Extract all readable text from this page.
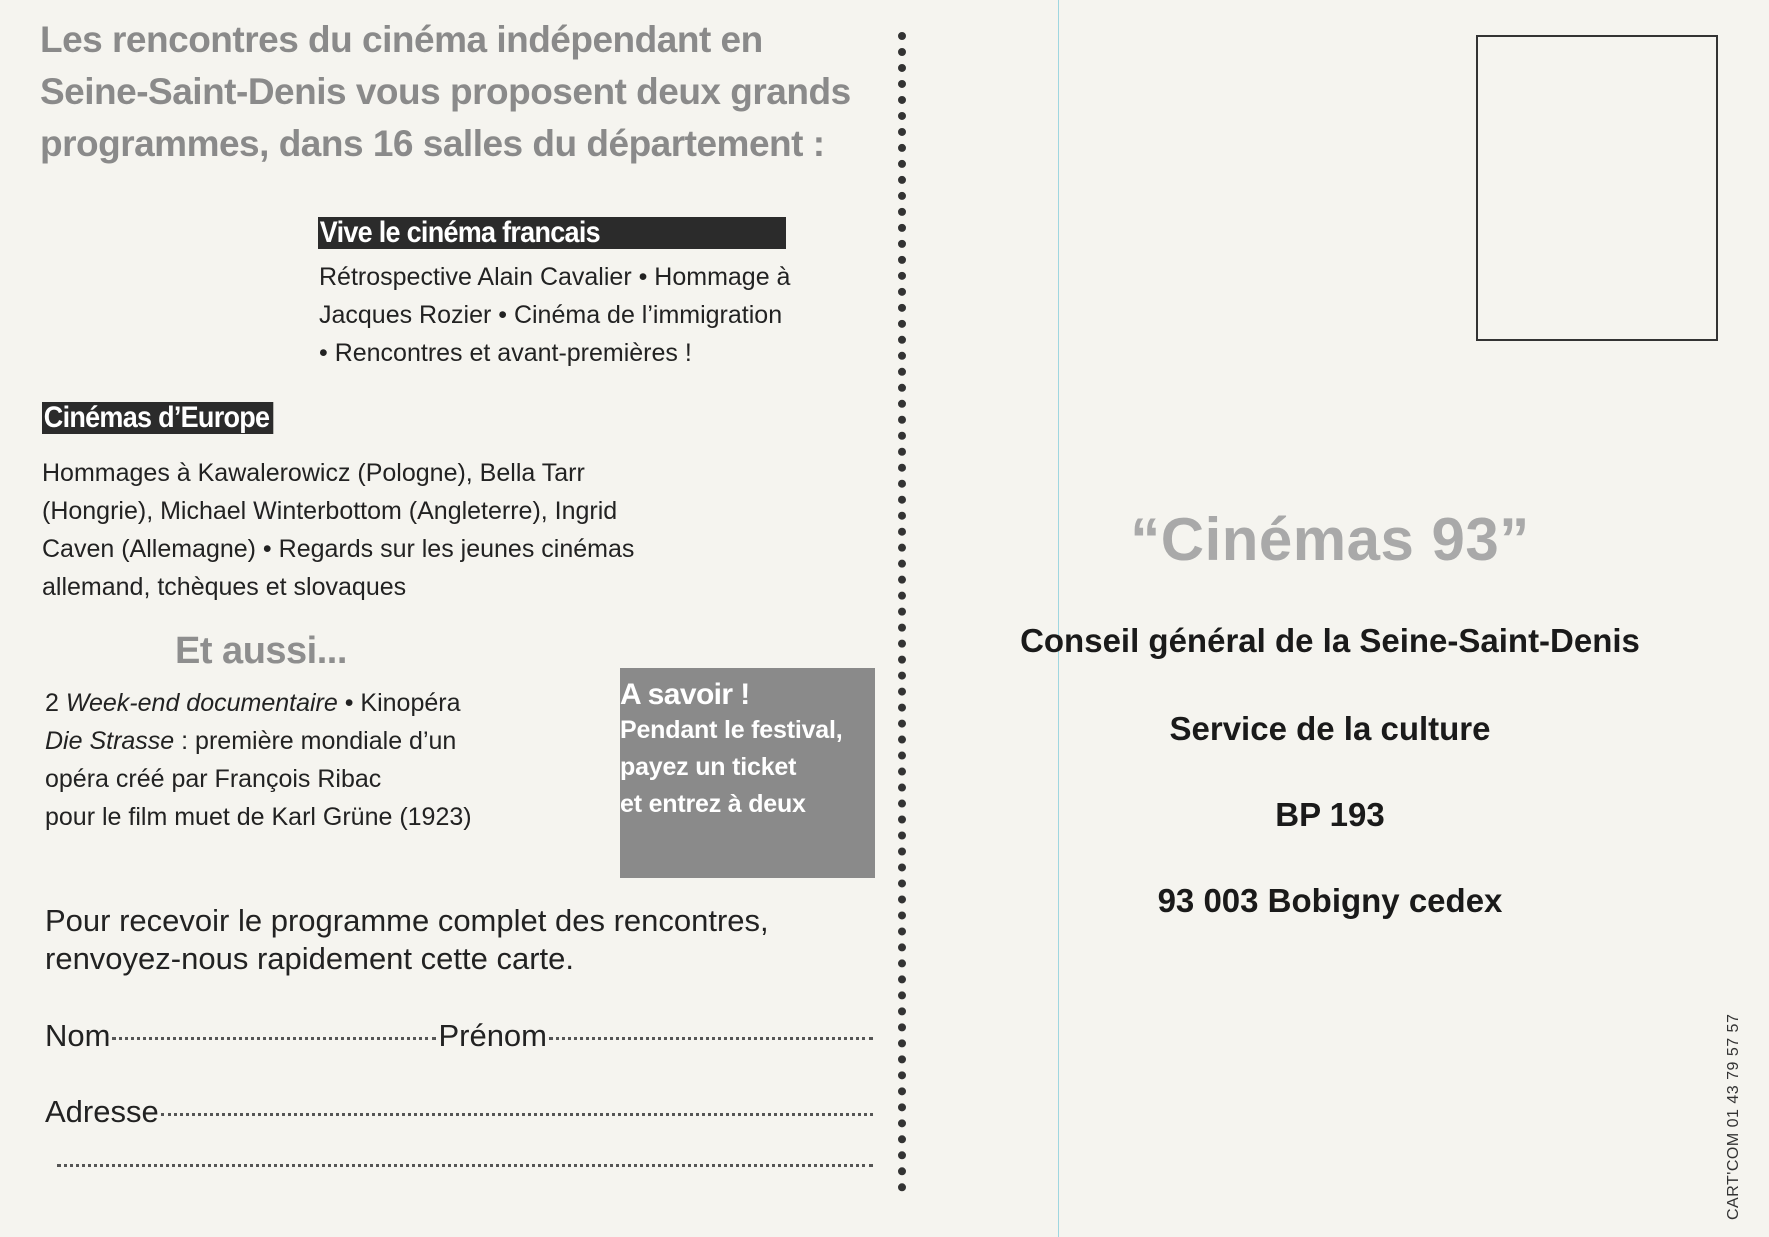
Les rencontres du cinéma indépendant en
Seine-Saint-Denis vous proposent deux grands
programmes, dans 16 salles du département :
Vive le cinéma francais
Rétrospective Alain Cavalier • Hommage à
Jacques Rozier • Cinéma de l’immigration
• Rencontres et avant-premières !
Cinémas d’Europe
Hommages à Kawalerowicz (Pologne), Bella Tarr
(Hongrie), Michael Winterbottom (Angleterre), Ingrid
Caven (Allemagne) • Regards sur les jeunes cinémas
allemand, tchèques et slovaques
Et aussi...
2 Week-end documentaire • Kinopéra
Die Strasse : première mondiale d’un
opéra créé par François Ribac
pour le film muet de Karl Grüne (1923)
A savoir !
Pendant le festival,
payez un ticket
et entrez à deux
Pour recevoir le programme complet des rencontres,
renvoyez-nous rapidement cette carte.
Nom	Prénom
Adresse
“Cinémas 93”
Conseil général de la Seine-Saint-Denis
Service de la culture
BP 193
93 003 Bobigny cedex
CART'COM 01 43 79 57 57
